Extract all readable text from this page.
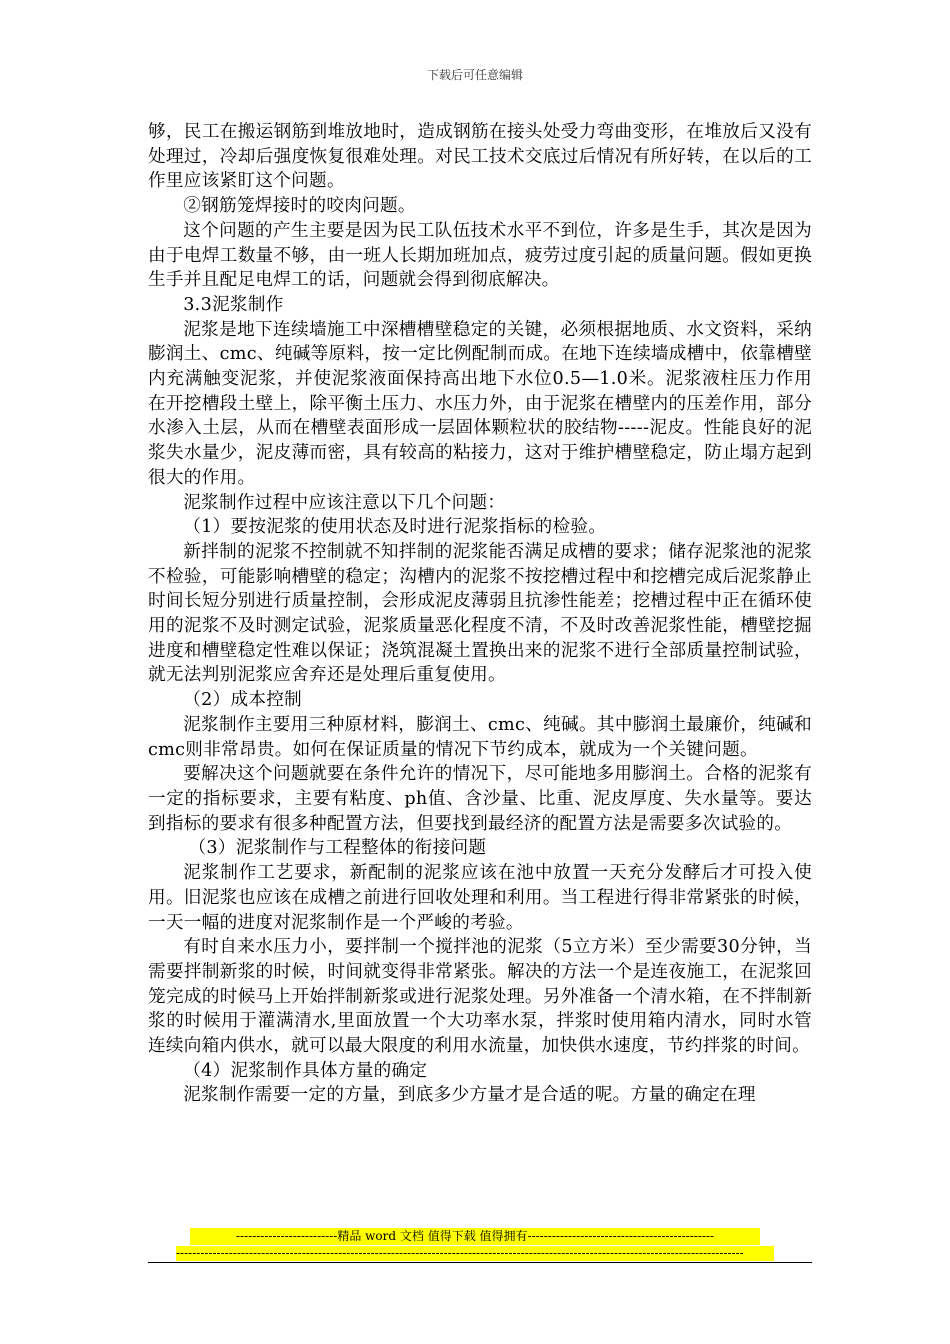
下载后可任意编辑

够，民工在搬运钢筋到堆放地时，造成钢筋在接头处受力弯曲变形，在堆放后又没有处理过，冷却后强度恢复很难处理。对民工技术交底过后情况有所好转，在以后的工作里应该紧盯这个问题。

②钢筋笼焊接时的咬肉问题。

这个问题的产生主要是因为民工队伍技术水平不到位，许多是生手，其次是因为由于电焊工数量不够，由一班人长期加班加点，疲劳过度引起的质量问题。假如更换生手并且配足电焊工的话，问题就会得到彻底解决。

3.3泥浆制作

泥浆是地下连续墙施工中深槽槽壁稳定的关键，必须根据地质、水文资料，采纳膨润土、cmc、纯碱等原料，按一定比例配制而成。在地下连续墙成槽中，依靠槽壁内充满触变泥浆，并使泥浆液面保持高出地下水位0.5—1.0米。泥浆液柱压力作用在开挖槽段土壁上，除平衡土压力、水压力外，由于泥浆在槽壁内的压差作用，部分水渗入土层，从而在槽壁表面形成一层固体颗粒状的胶结物-----泥皮。性能良好的泥浆失水量少，泥皮薄而密，具有较高的粘接力，这对于维护槽壁稳定，防止塌方起到很大的作用。

泥浆制作过程中应该注意以下几个问题：

（1）要按泥浆的使用状态及时进行泥浆指标的检验。

新拌制的泥浆不控制就不知拌制的泥浆能否满足成槽的要求；储存泥浆池的泥浆不检验，可能影响槽壁的稳定；沟槽内的泥浆不按挖槽过程中和挖槽完成后泥浆静止时间长短分别进行质量控制，会形成泥皮薄弱且抗渗性能差；挖槽过程中正在循环使用的泥浆不及时测定试验，泥浆质量恶化程度不清，不及时改善泥浆性能，槽壁挖掘进度和槽壁稳定性难以保证；浇筑混凝土置换出来的泥浆不进行全部质量控制试验，就无法判别泥浆应舍弃还是处理后重复使用。

（2）成本控制

泥浆制作主要用三种原材料，膨润土、cmc、纯碱。其中膨润土最廉价，纯碱和cmc则非常昂贵。如何在保证质量的情况下节约成本，就成为一个关键问题。

要解决这个问题就要在条件允许的情况下，尽可能地多用膨润土。合格的泥浆有一定的指标要求，主要有粘度、ph值、含沙量、比重、泥皮厚度、失水量等。要达到指标的要求有很多种配置方法，但要找到最经济的配置方法是需要多次试验的。

（3）泥浆制作与工程整体的衔接问题

泥浆制作工艺要求，新配制的泥浆应该在池中放置一天充分发酵后才可投入使用。旧泥浆也应该在成槽之前进行回收处理和利用。当工程进行得非常紧张的时候，一天一幅的进度对泥浆制作是一个严峻的考验。

有时自来水压力小，要拌制一个搅拌池的泥浆（5立方米）至少需要30分钟，当需要拌制新浆的时候，时间就变得非常紧张。解决的方法一个是连夜施工，在泥浆回笼完成的时候马上开始拌制新浆或进行泥浆处理。另外准备一个清水箱，在不拌制新浆的时候用于灌满清水,里面放置一个大功率水泵，拌浆时使用箱内清水，同时水管连续向箱内供水，就可以最大限度的利用水流量，加快供水速度，节约拌浆的时间。

（4）泥浆制作具体方量的确定

泥浆制作需要一定的方量，到底多少方量才是合适的呢。方量的确定在理

-------------------------精品 word 文档 值得下载 值得拥有----------------------------------------------
--------------------------------------------------------------------------------------------------------------------------------------------
